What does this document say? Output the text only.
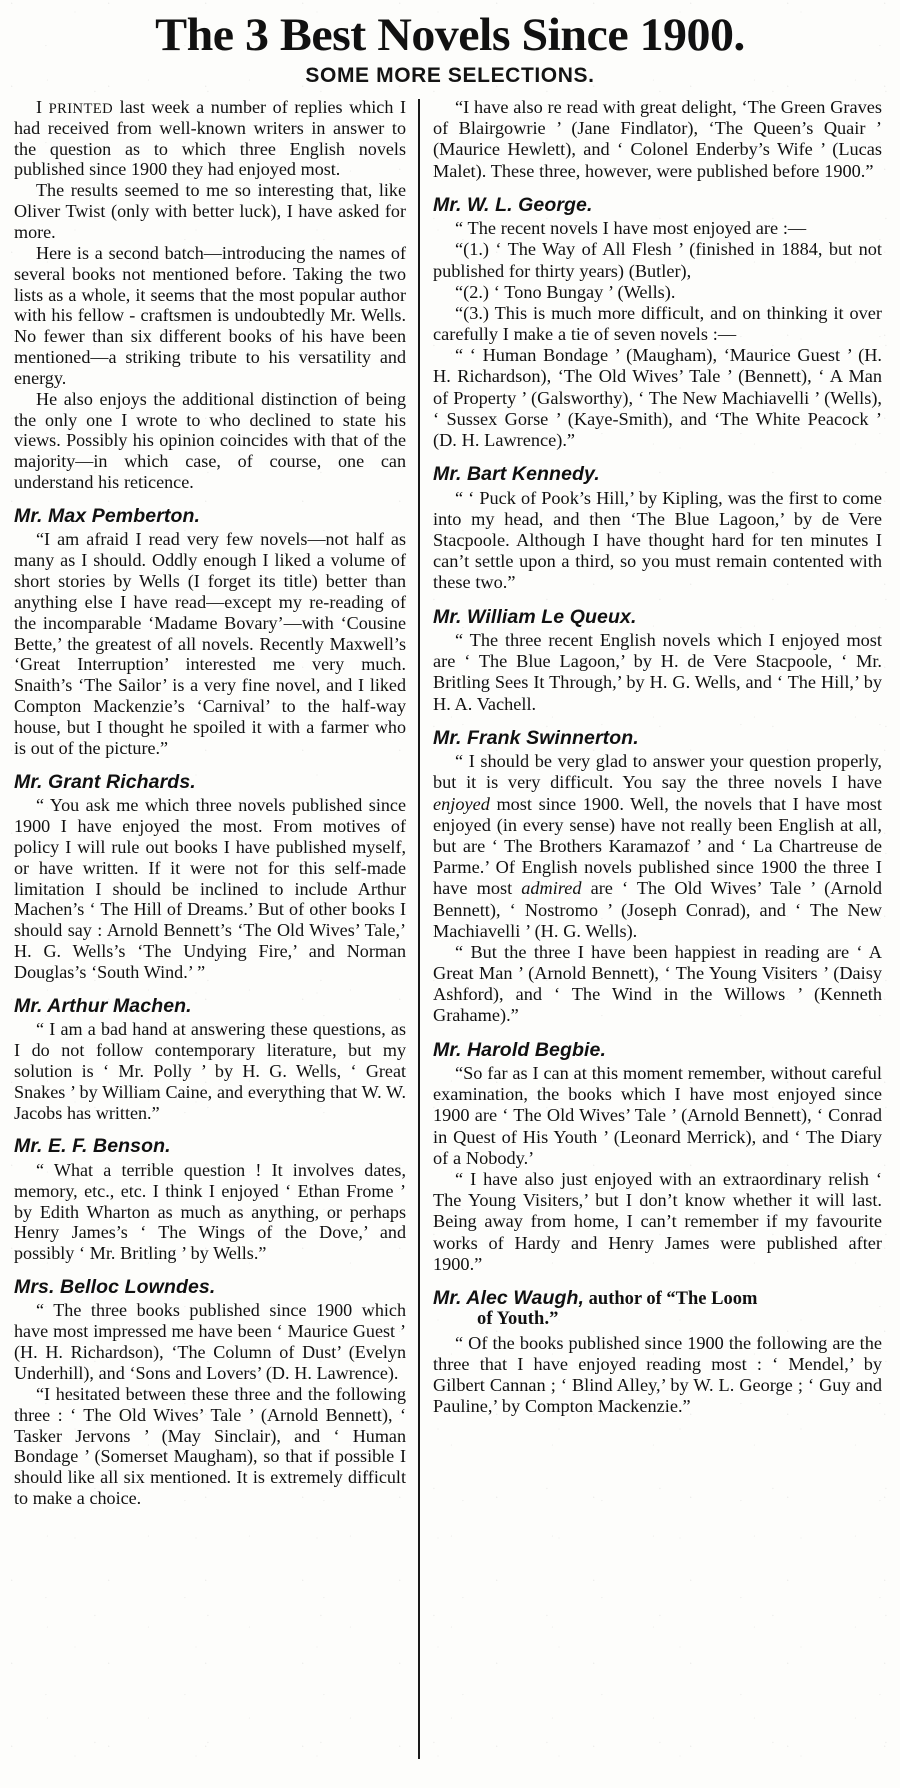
The 3 Best Novels Since 1900.
SOME MORE SELECTIONS.

I PRINTED last week a number of replies which I had received from well-known writers in answer to the question as to which three English novels published since 1900 they had enjoyed most.

The results seemed to me so interesting that, like Oliver Twist (only with better luck), I have asked for more.

Here is a second batch—introducing the names of several books not mentioned before. Taking the two lists as a whole, it seems that the most popular author with his fellow - craftsmen is undoubtedly Mr. Wells. No fewer than six different books of his have been mentioned—a striking tribute to his versatility and energy.

He also enjoys the additional distinction of being the only one I wrote to who declined to state his views. Possibly his opinion coincides with that of the majority—in which case, of course, one can understand his reticence.

Mr. Max Pemberton.

“I am afraid I read very few novels—not half as many as I should. Oddly enough I liked a volume of short stories by Wells (I forget its title) better than anything else I have read—except my re-reading of the incomparable ‘Madame Bovary’—with ‘Cousine Bette,’ the greatest of all novels. Recently Maxwell’s ‘Great Interruption’ interested me very much. Snaith’s ‘The Sailor’ is a very fine novel, and I liked Compton Mackenzie’s ‘Carnival’ to the half-way house, but I thought he spoiled it with a farmer who is out of the picture.”

Mr. Grant Richards.

“ You ask me which three novels published since 1900 I have enjoyed the most. From motives of policy I will rule out books I have published myself, or have written. If it were not for this self-made limitation I should be inclined to include Arthur Machen’s ‘ The Hill of Dreams.’ But of other books I should say : Arnold Bennett’s ‘The Old Wives’ Tale,’ H. G. Wells’s ‘The Undying Fire,’ and Norman Douglas’s ‘South Wind.’ ”

Mr. Arthur Machen.

“ I am a bad hand at answering these questions, as I do not follow contemporary literature, but my solution is ‘ Mr. Polly ’ by H. G. Wells, ‘ Great Snakes ’ by William Caine, and everything that W. W. Jacobs has written.”

Mr. E. F. Benson.

“ What a terrible question ! It involves dates, memory, etc., etc. I think I enjoyed ‘ Ethan Frome ’ by Edith Wharton as much as anything, or perhaps Henry James’s ‘ The Wings of the Dove,’ and possibly ‘ Mr. Britling ’ by Wells.”

Mrs. Belloc Lowndes.

“ The three books published since 1900 which have most impressed me have been ‘ Maurice Guest ’ (H. H. Richardson), ‘The Column of Dust’ (Evelyn Underhill), and ‘Sons and Lovers’ (D. H. Lawrence).

“I hesitated between these three and the following three : ‘ The Old Wives’ Tale ’ (Arnold Bennett), ‘ Tasker Jervons ’ (May Sinclair), and ‘ Human Bondage ’ (Somerset Maugham), so that if possible I should like all six mentioned. It is extremely difficult to make a choice.

“I have also re read with great delight, ‘The Green Graves of Blairgowrie ’ (Jane Findlator), ‘The Queen’s Quair ’ (Maurice Hewlett), and ‘ Colonel Enderby’s Wife ’ (Lucas Malet). These three, however, were published before 1900.”

Mr. W. L. George.

“ The recent novels I have most enjoyed are :—

“(1.) ‘ The Way of All Flesh ’ (finished in 1884, but not published for thirty years) (Butler),

“(2.) ‘ Tono Bungay ’ (Wells).

“(3.) This is much more difficult, and on thinking it over carefully I make a tie of seven novels :—

“ ‘ Human Bondage ’ (Maugham), ‘Maurice Guest ’ (H. H. Richardson), ‘The Old Wives’ Tale ’ (Bennett), ‘ A Man of Property ’ (Galsworthy), ‘ The New Machiavelli ’ (Wells), ‘ Sussex Gorse ’ (Kaye-Smith), and ‘The White Peacock ’ (D. H. Lawrence).”

Mr. Bart Kennedy.

“ ‘ Puck of Pook’s Hill,’ by Kipling, was the first to come into my head, and then ‘The Blue Lagoon,’ by de Vere Stacpoole. Although I have thought hard for ten minutes I can’t settle upon a third, so you must remain contented with these two.”

Mr. William Le Queux.

“ The three recent English novels which I enjoyed most are ‘ The Blue Lagoon,’ by H. de Vere Stacpoole, ‘ Mr. Britling Sees It Through,’ by H. G. Wells, and ‘ The Hill,’ by H. A. Vachell.

Mr. Frank Swinnerton.

“ I should be very glad to answer your question properly, but it is very difficult. You say the three novels I have enjoyed most since 1900. Well, the novels that I have most enjoyed (in every sense) have not really been English at all, but are ‘ The Brothers Karamazof ’ and ‘ La Chartreuse de Parme.’ Of English novels published since 1900 the three I have most admired are ‘ The Old Wives’ Tale ’ (Arnold Bennett), ‘ Nostromo ’ (Joseph Conrad), and ‘ The New Machiavelli ’ (H. G. Wells).

“ But the three I have been happiest in reading are ‘ A Great Man ’ (Arnold Bennett), ‘ The Young Visiters ’ (Daisy Ashford), and ‘ The Wind in the Willows ’ (Kenneth Grahame).”

Mr. Harold Begbie.

“So far as I can at this moment remember, without careful examination, the books which I have most enjoyed since 1900 are ‘ The Old Wives’ Tale ’ (Arnold Bennett), ‘ Conrad in Quest of His Youth ’ (Leonard Merrick), and ‘ The Diary of a Nobody.’

“ I have also just enjoyed with an extraordinary relish ‘ The Young Visiters,’ but I don’t know whether it will last. Being away from home, I can’t remember if my favourite works of Hardy and Henry James were published after 1900.”

Mr. Alec Waugh, author of “The Loom
of Youth.”

“ Of the books published since 1900 the following are the three that I have enjoyed reading most : ‘ Mendel,’ by Gilbert Cannan ; ‘ Blind Alley,’ by W. L. George ; ‘ Guy and Pauline,’ by Compton Mackenzie.”
